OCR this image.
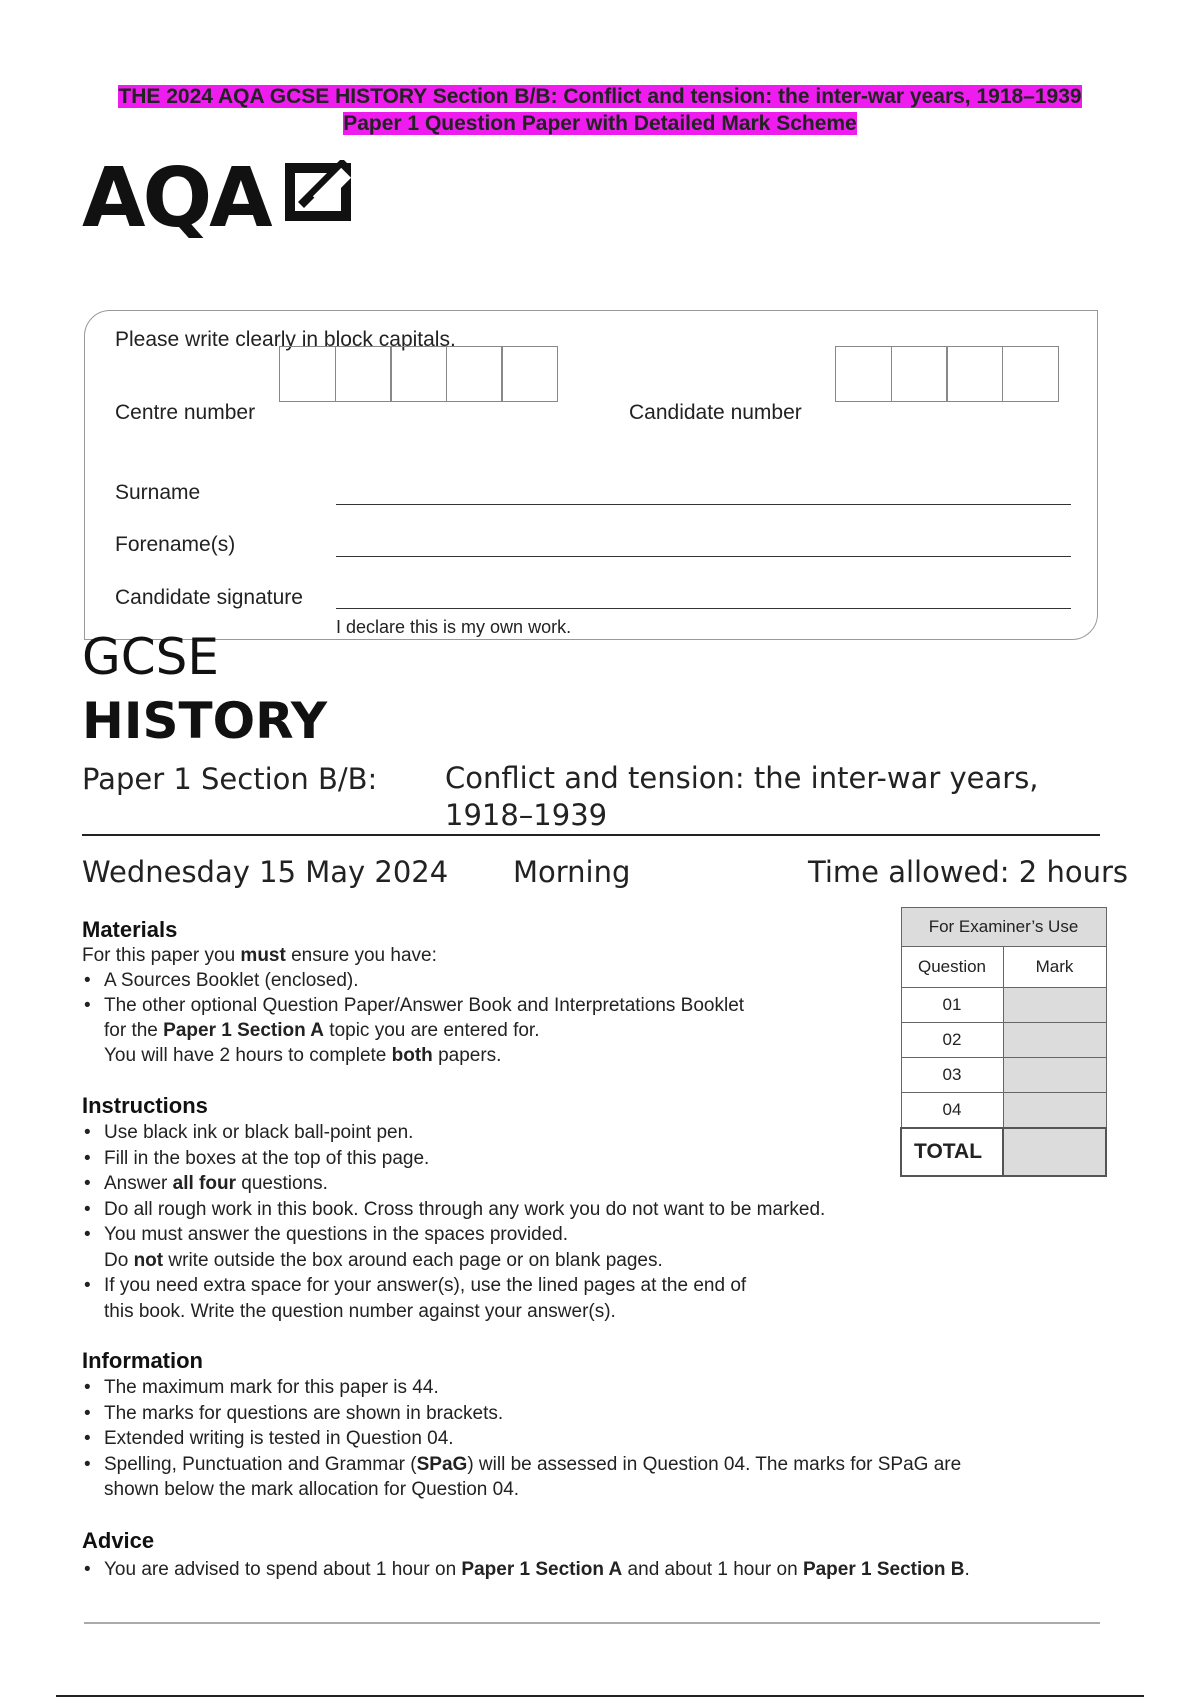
THE 2024 AQA GCSE HISTORY Section B/B: Conflict and tension: the inter-war years, 1918–1939
Paper 1 Question Paper with Detailed Mark Scheme
AQA
Please write clearly in block capitals.
Centre number	Candidate number
Surname
Forename(s)
Candidate signature
I declare this is my own work.
GCSE
HISTORY
Paper 1 Section B/B: Conflict and tension: the inter-war years,
1918–1939
Wednesday 15 May 2024 Morning	Time allowed: 2 hours
Materials
For this paper you must ensure you have:
• A Sources Booklet (enclosed).
• The other optional Question Paper/Answer Book and Interpretations Booklet
for the Paper 1 Section A topic you are entered for.
You will have 2 hours to complete both papers.
Instructions
• Use black ink or black ball-point pen.
• Fill in the boxes at the top of this page.
• Answer all four questions.
• Do all rough work in this book. Cross through any work you do not want to be marked.
• You must answer the questions in the spaces provided.
Do not write outside the box around each page or on blank pages.
• If you need extra space for your answer(s), use the lined pages at the end of
this book. Write the question number against your answer(s).
Information
• The maximum mark for this paper is 44.
• The marks for questions are shown in brackets.
• Extended writing is tested in Question 04.
• Spelling, Punctuation and Grammar (SPaG) will be assessed in Question 04. The marks for SPaG are
shown below the mark allocation for Question 04.
Advice
• You are advised to spend about 1 hour on Paper 1 Section A and about 1 hour on Paper 1 Section B.
For Examiner’s Use	
Question	Mark
01	
02	
03	
04	
TOTAL	
